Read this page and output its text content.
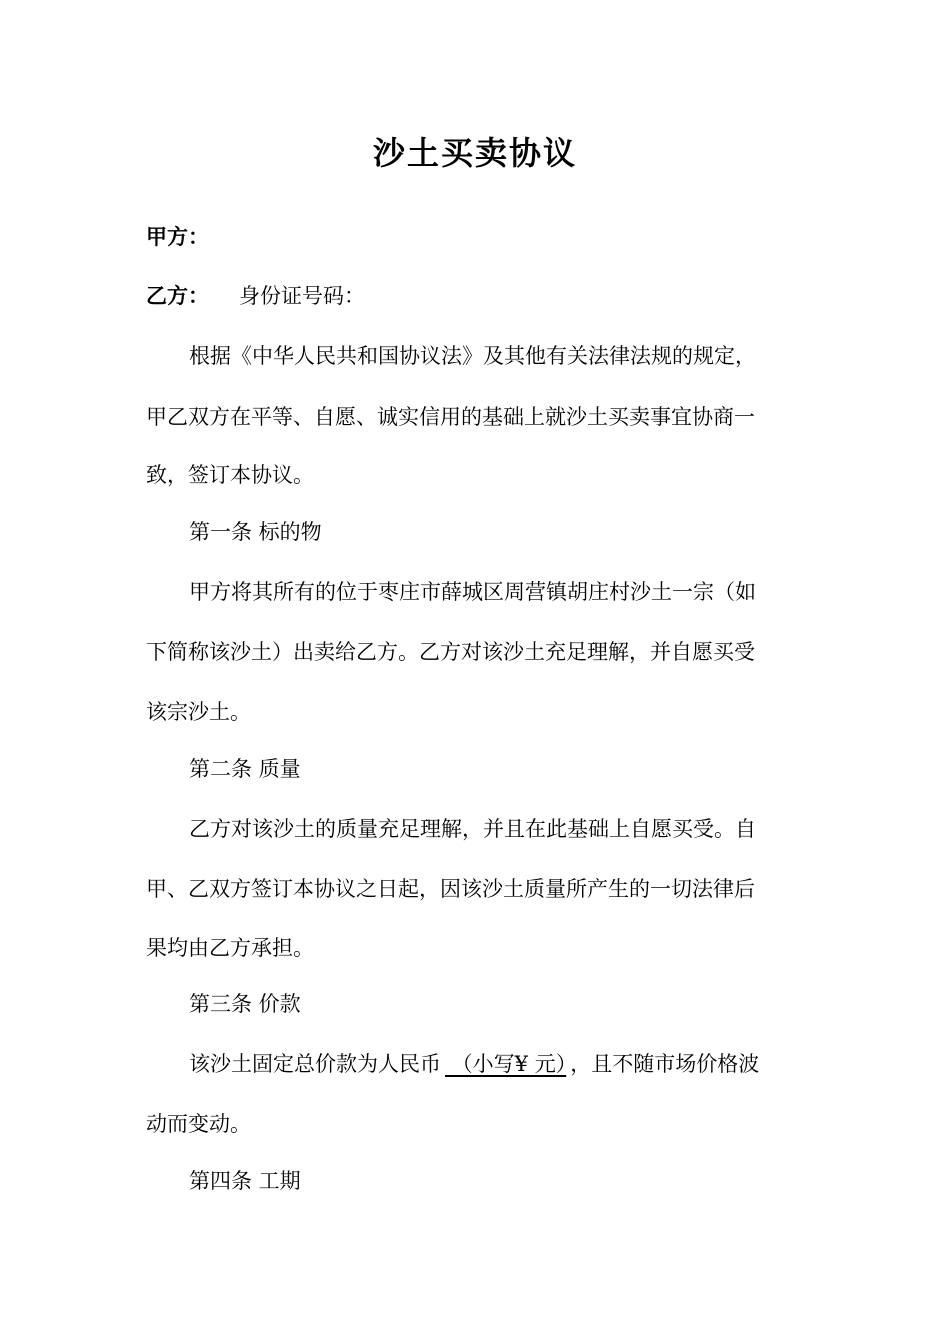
沙土买卖协议
甲方：
乙方： 身份证号码：
根据《中华人民共和国协议法》及其他有关法律法规的规定，
甲乙双方在平等、自愿、诚实信用的基础上就沙土买卖事宜协商一
致，签订本协议。
第一条 标的物
甲方将其所有的位于枣庄市薛城区周营镇胡庄村沙土一宗（如
下简称该沙土）出卖给乙方。乙方对该沙土充足理解，并自愿买受
该宗沙土。
第二条 质量
乙方对该沙土的质量充足理解，并且在此基础上自愿买受。自
甲、乙双方签订本协议之日起，因该沙土质量所产生的一切法律后
果均由乙方承担。
第三条 价款
该沙土固定总价款为人民币 （小写¥ 元） ，且不随市场价格波
动而变动。
第四条 工期
